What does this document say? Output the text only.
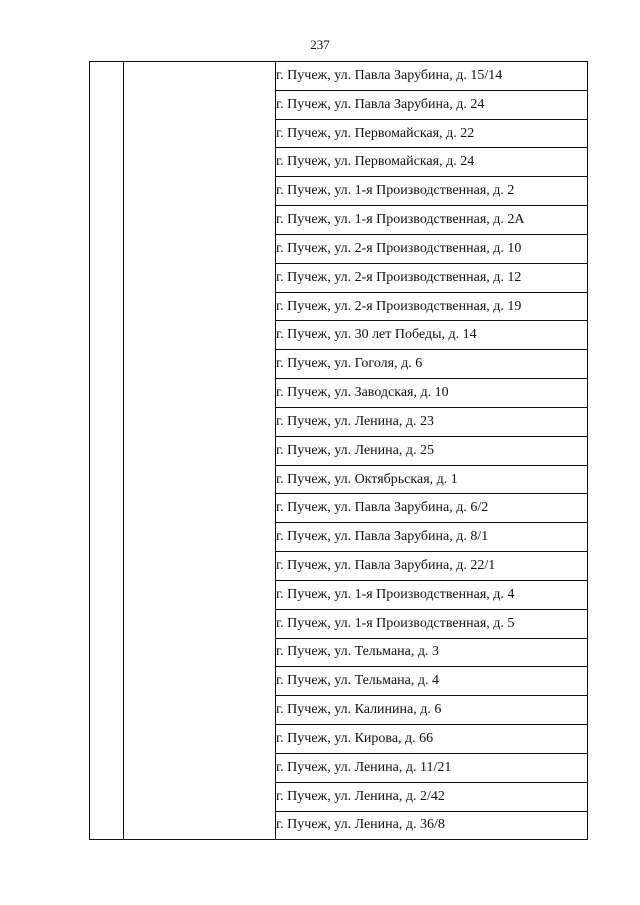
237
		г. Пучеж, ул. Павла Зарубина, д. 15/14
г. Пучеж, ул. Павла Зарубина, д. 24
г. Пучеж, ул. Первомайская, д. 22
г. Пучеж, ул. Первомайская, д. 24
г. Пучеж, ул. 1-я Производственная, д. 2
г. Пучеж, ул. 1-я Производственная, д. 2А
г. Пучеж, ул. 2-я Производственная, д. 10
г. Пучеж, ул. 2-я Производственная, д. 12
г. Пучеж, ул. 2-я Производственная, д. 19
г. Пучеж, ул. 30 лет Победы, д. 14
г. Пучеж, ул. Гоголя, д. 6
г. Пучеж, ул. Заводская, д. 10
г. Пучеж, ул. Ленина, д. 23
г. Пучеж, ул. Ленина, д. 25
г. Пучеж, ул. Октябрьская, д. 1
г. Пучеж, ул. Павла Зарубина, д. 6/2
г. Пучеж, ул. Павла Зарубина, д. 8/1
г. Пучеж, ул. Павла Зарубина, д. 22/1
г. Пучеж, ул. 1-я Производственная, д. 4
г. Пучеж, ул. 1-я Производственная, д. 5
г. Пучеж, ул. Тельмана, д. 3
г. Пучеж, ул. Тельмана, д. 4
г. Пучеж, ул. Калинина, д. 6
г. Пучеж, ул. Кирова, д. 66
г. Пучеж, ул. Ленина, д. 11/21
г. Пучеж, ул. Ленина, д. 2/42
г. Пучеж, ул. Ленина, д. 36/8
